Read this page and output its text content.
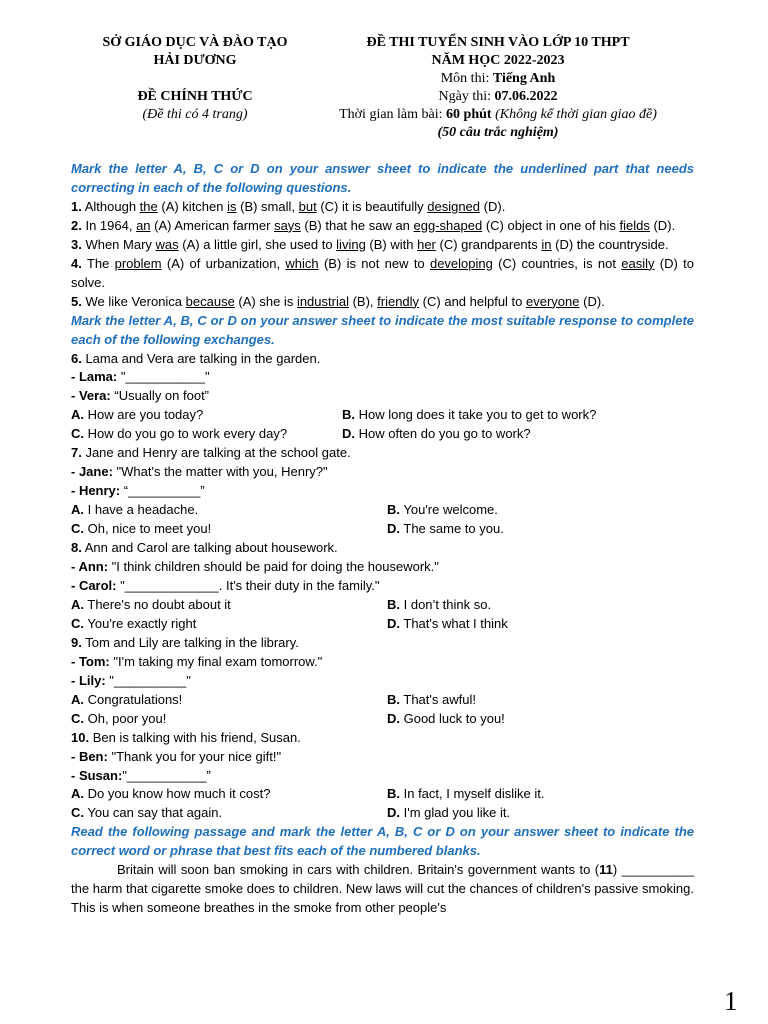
SỞ GIÁO DỤC VÀ ĐÀO TẠO
HẢI DƯƠNG
ĐỀ CHÍNH THỨC
(Đề thi có 4 trang)
ĐỀ THI TUYỂN SINH VÀO LỚP 10 THPT
NĂM HỌC 2022-2023
Môn thi: Tiếng Anh
Ngày thi: 07.06.2022
Thời gian làm bài: 60 phút (Không kể thời gian giao đề)
(50 câu trắc nghiệm)
Mark the letter A, B, C or D on your answer sheet to indicate the underlined part that needs correcting in each of the following questions.
1. Although the (A) kitchen is (B) small, but (C) it is beautifully designed (D).
2. In 1964, an (A) American farmer says (B) that he saw an egg-shaped (C) object in one of his fields (D).
3. When Mary was (A) a little girl, she used to living (B) with her (C) grandparents in (D) the countryside.
4. The problem (A) of urbanization, which (B) is not new to developing (C) countries, is not easily (D) to solve.
5. We like Veronica because (A) she is industrial (B), friendly (C) and helpful to everyone (D).
Mark the letter A, B, C or D on your answer sheet to indicate the most suitable response to complete each of the following exchanges.
6. Lama and Vera are talking in the garden.
- Lama: "___________"
- Vera: “Usually on foot”
A. How are you today?	B. How long does it take you to get to work?
C. How do you go to work every day?	D. How often do you go to work?
7. Jane and Henry are talking at the school gate.
- Jane: "What's the matter with you, Henry?"
- Henry: “__________”
A. I have a headache.	B. You're welcome.
C. Oh, nice to meet you!	D. The same to you.
8. Ann and Carol are talking about housework.
- Ann: "I think children should be paid for doing the housework."
- Carol: "_____________. It's their duty in the family."
A. There's no doubt about it	B. I don’t think so.
C. You're exactly right	D. That's what I think
9. Tom and Lily are talking in the library.
- Tom: "I'm taking my final exam tomorrow."
- Lily: "__________"
A. Congratulations!	B. That's awful!
C. Oh, poor you!	D. Good luck to you!
10. Ben is talking with his friend, Susan.
- Ben: "Thank you for your nice gift!"
- Susan:"___________”
A. Do you know how much it cost?	B. In fact, I myself dislike it.
C. You can say that again.	D. I'm glad you like it.
Read the following passage and mark the letter A, B, C or D on your answer sheet to indicate the correct word or phrase that best fits each of the numbered blanks.
Britain will soon ban smoking in cars with children. Britain's government wants to (11) __________ the harm that cigarette smoke does to children. New laws will cut the chances of children's passive smoking. This is when someone breathes in the smoke from other people's
1
